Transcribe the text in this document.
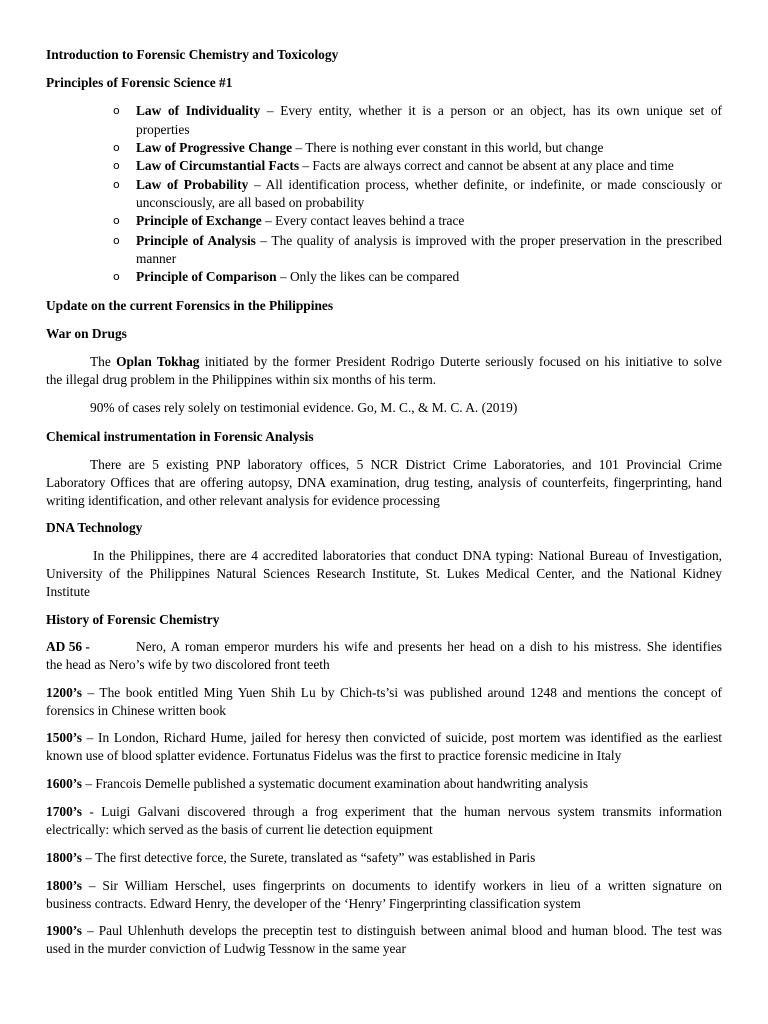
Introduction to Forensic Chemistry and Toxicology
Principles of Forensic Science #1
o Law of Individuality – Every entity, whether it is a person or an object, has its own unique set of
properties
o Law of Progressive Change – There is nothing ever constant in this world, but change
o Law of Circumstantial Facts – Facts are always correct and cannot be absent at any place and time
o Law of Probability – All identification process, whether definite, or indefinite, or made consciously or
unconsciously, are all based on probability
o Principle of Exchange – Every contact leaves behind a trace
o Principle of Analysis – The quality of analysis is improved with the proper preservation in the prescribed
manner
o Principle of Comparison – Only the likes can be compared
Update on the current Forensics in the Philippines
War on Drugs
The Oplan Tokhag initiated by the former President Rodrigo Duterte seriously focused on his initiative to solve
the illegal drug problem in the Philippines within six months of his term.
90% of cases rely solely on testimonial evidence. Go, M. C., & M. C. A. (2019)
Chemical instrumentation in Forensic Analysis
There are 5 existing PNP laboratory offices, 5 NCR District Crime Laboratories, and 101 Provincial Crime
Laboratory Offices that are offering autopsy, DNA examination, drug testing, analysis of counterfeits, fingerprinting, hand
writing identification, and other relevant analysis for evidence processing
DNA Technology
In the Philippines, there are 4 accredited laboratories that conduct DNA typing: National Bureau of Investigation,
University of the Philippines Natural Sciences Research Institute, St. Lukes Medical Center, and the National Kidney
Institute
History of Forensic Chemistry
AD 56 -	Nero, A roman emperor murders his wife and presents her head on a dish to his mistress. She identifies
the head as Nero’s wife by two discolored front teeth
1200’s – The book entitled Ming Yuen Shih Lu by Chich-ts’si was published around 1248 and mentions the concept of
forensics in Chinese written book
1500’s – In London, Richard Hume, jailed for heresy then convicted of suicide, post mortem was identified as the earliest
known use of blood splatter evidence. Fortunatus Fidelus was the first to practice forensic medicine in Italy
1600’s – Francois Demelle published a systematic document examination about handwriting analysis
1700’s - Luigi Galvani discovered through a frog experiment that the human nervous system transmits information
electrically: which served as the basis of current lie detection equipment
1800’s – The first detective force, the Surete, translated as “safety” was established in Paris
1800’s – Sir William Herschel, uses fingerprints on documents to identify workers in lieu of a written signature on
business contracts. Edward Henry, the developer of the ‘Henry’ Fingerprinting classification system
1900’s – Paul Uhlenhuth develops the preceptin test to distinguish between animal blood and human blood. The test was
used in the murder conviction of Ludwig Tessnow in the same year
